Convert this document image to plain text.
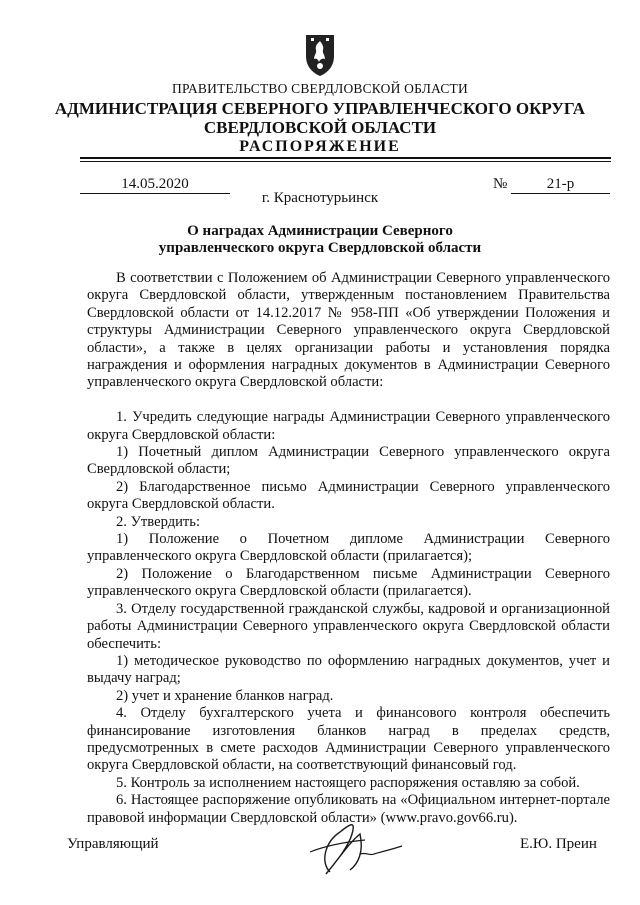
ПРАВИТЕЛЬСТВО СВЕРДЛОВСКОЙ ОБЛАСТИ
АДМИНИСТРАЦИЯ СЕВЕРНОГО УПРАВЛЕНЧЕСКОГО ОКРУГА
СВЕРДЛОВСКОЙ ОБЛАСТИ
РАСПОРЯЖЕНИЕ
14.05.2020
г. Краснотурьинск
№	21-р
О наградах Администрации Северного
управленческого округа Свердловской области

В соответствии с Положением об Администрации Северного управленческого округа Свердловской области, утвержденным постановлением Правительства Свердловской области от 14.12.2017 № 958-ПП «Об утверждении Положения и структуры Администрации Северного управленческого округа Свердловской области», а также в целях организации работы и установления порядка награждения и оформления наградных документов в Администрации Северного управленческого округа Свердловской области:

1. Учредить следующие награды Администрации Северного управленческого округа Свердловской области:

1) Почетный диплом Администрации Северного управленческого округа Свердловской области;

2) Благодарственное письмо Администрации Северного управленческого округа Свердловской области.

2. Утвердить:

1) Положение о Почетном дипломе Администрации Северного управленческого округа Свердловской области (прилагается);

2) Положение о Благодарственном письме Администрации Северного управленческого округа Свердловской области (прилагается).

3. Отделу государственной гражданской службы, кадровой и организационной работы Администрации Северного управленческого округа Свердловской области обеспечить:

1) методическое руководство по оформлению наградных документов, учет и выдачу наград;

2) учет и хранение бланков наград.

4. Отделу бухгалтерского учета и финансового контроля обеспечить финансирование изготовления бланков наград в пределах средств, предусмотренных в смете расходов Администрации Северного управленческого округа Свердловской области, на соответствующий финансовый год.

5. Контроль за исполнением настоящего распоряжения оставляю за собой.

6. Настоящее распоряжение опубликовать на «Официальном интернет-портале правовой информации Свердловской области» (www.pravo.gov66.ru).

Управляющий	Е.Ю. Преин
